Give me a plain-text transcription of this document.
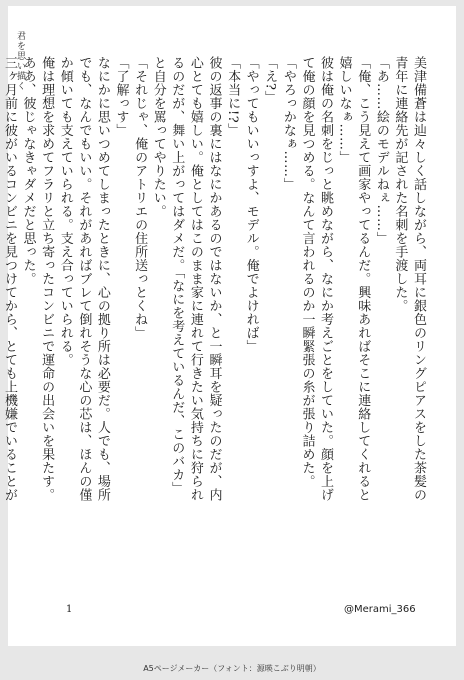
君を思い描く	美津備蒼は辿々しく話しながら、両耳に銀色のリングピアスをした茶髪の青年に連絡先が記された名刺を手渡した。

「あ……絵のモデルねぇ……」

「俺、こう見えて画家やってるんだ。興味あればそこに連絡してくれると嬉しいなぁ……」

彼は俺の名刺をじっと眺めながら、なにか考えごとをしていた。顔を上げて俺の顔を見つめる。なんて言われるのか一瞬緊張の糸が張り詰めた。

「やろっかなぁ……」

「え?」

「やってもいいっすよ、モデル。俺でよければ」

「本当に!?」

彼の返事の裏にはなにかあるのではないか、と一瞬耳を疑ったのだが、内心とても嬉しい。俺としてはこのまま家に連れて行きたい気持ちに狩られるのだが、舞い上がってはダメだ。「なにを考えているんだ、このバカ」と自分を罵ってやりたい。

「それじゃ、俺のアトリエの住所送っとくね」

「了解っす」

なにかに思いつめてしまったときに、心の拠り所は必要だ。人でも、場所でも、なんでもいい。それがあればブレて倒れそうな心の芯は、ほんの僅か傾いても支えていられる。支え合っていられる。

俺は理想を求めてフラリと立ち寄ったコンビニで運命の出会いを果たす。ああ、彼じゃなきゃダメだと思った。

三ヶ月前に彼がいるコンビニを見つけてから、とても上機嫌でいることが

1	@Merami_366
A5ページメーカー（フォント：源暎こぶり明朝）
